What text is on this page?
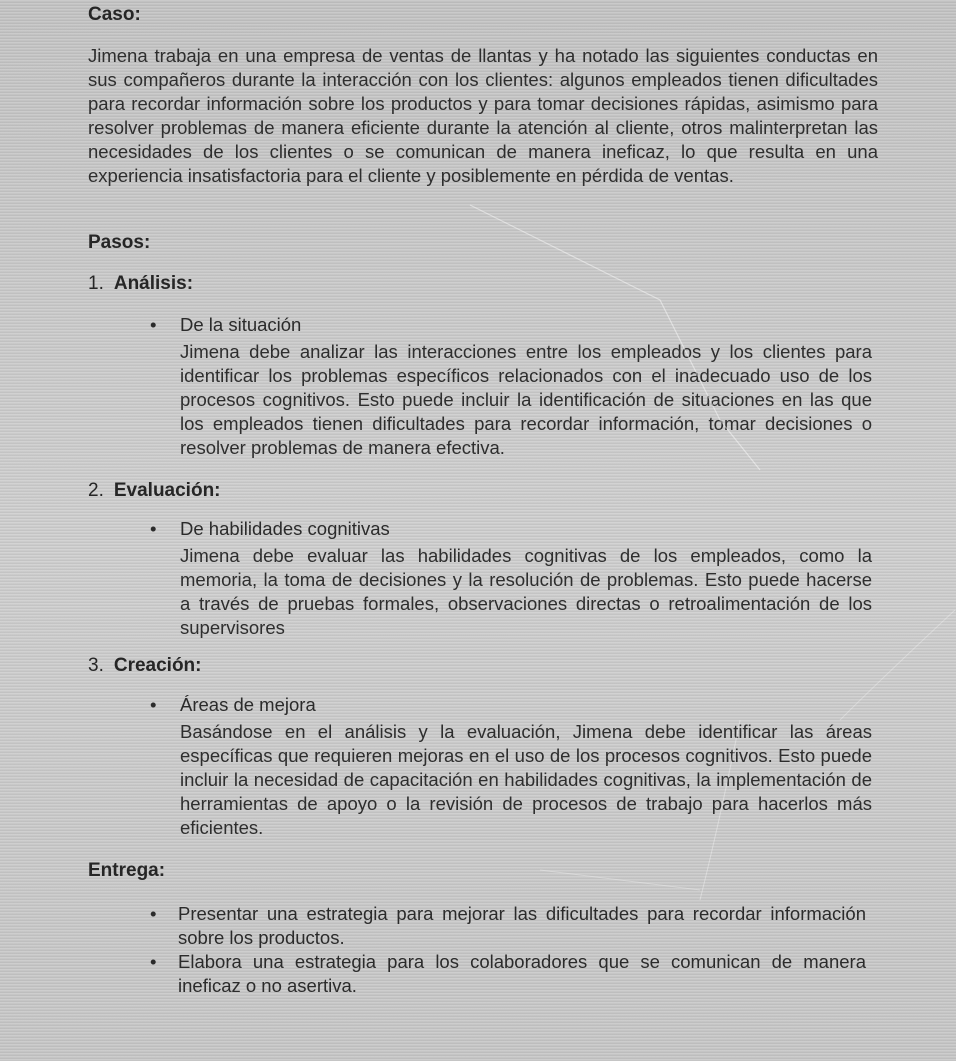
Caso:

Jimena trabaja en una empresa de ventas de llantas y ha notado las siguientes conductas en sus compañeros durante la interacción con los clientes: algunos empleados tienen dificultades para recordar información sobre los productos y para tomar decisiones rápidas, asimismo para resolver problemas de manera eficiente durante la atención al cliente, otros malinterpretan las necesidades de los clientes o se comunican de manera ineficaz, lo que resulta en una experiencia insatisfactoria para el cliente y posiblemente en pérdida de ventas.

Pasos:
1. Análisis:
• De la situación

Jimena debe analizar las interacciones entre los empleados y los clientes para identificar los problemas específicos relacionados con el inadecuado uso de los procesos cognitivos. Esto puede incluir la identificación de situaciones en las que los empleados tienen dificultades para recordar información, tomar decisiones o resolver problemas de manera efectiva.

2. Evaluación:
• De habilidades cognitivas

Jimena debe evaluar las habilidades cognitivas de los empleados, como la memoria, la toma de decisiones y la resolución de problemas. Esto puede hacerse a través de pruebas formales, observaciones directas o retroalimentación de los supervisores

3. Creación:
• Áreas de mejora

Basándose en el análisis y la evaluación, Jimena debe identificar las áreas específicas que requieren mejoras en el uso de los procesos cognitivos. Esto puede incluir la necesidad de capacitación en habilidades cognitivas, la implementación de herramientas de apoyo o la revisión de procesos de trabajo para hacerlos más eficientes.

Entrega:
• Presentar una estrategia para mejorar las dificultades para recordar información sobre los productos.
• Elabora una estrategia para los colaboradores que se comunican de manera ineficaz o no asertiva.
